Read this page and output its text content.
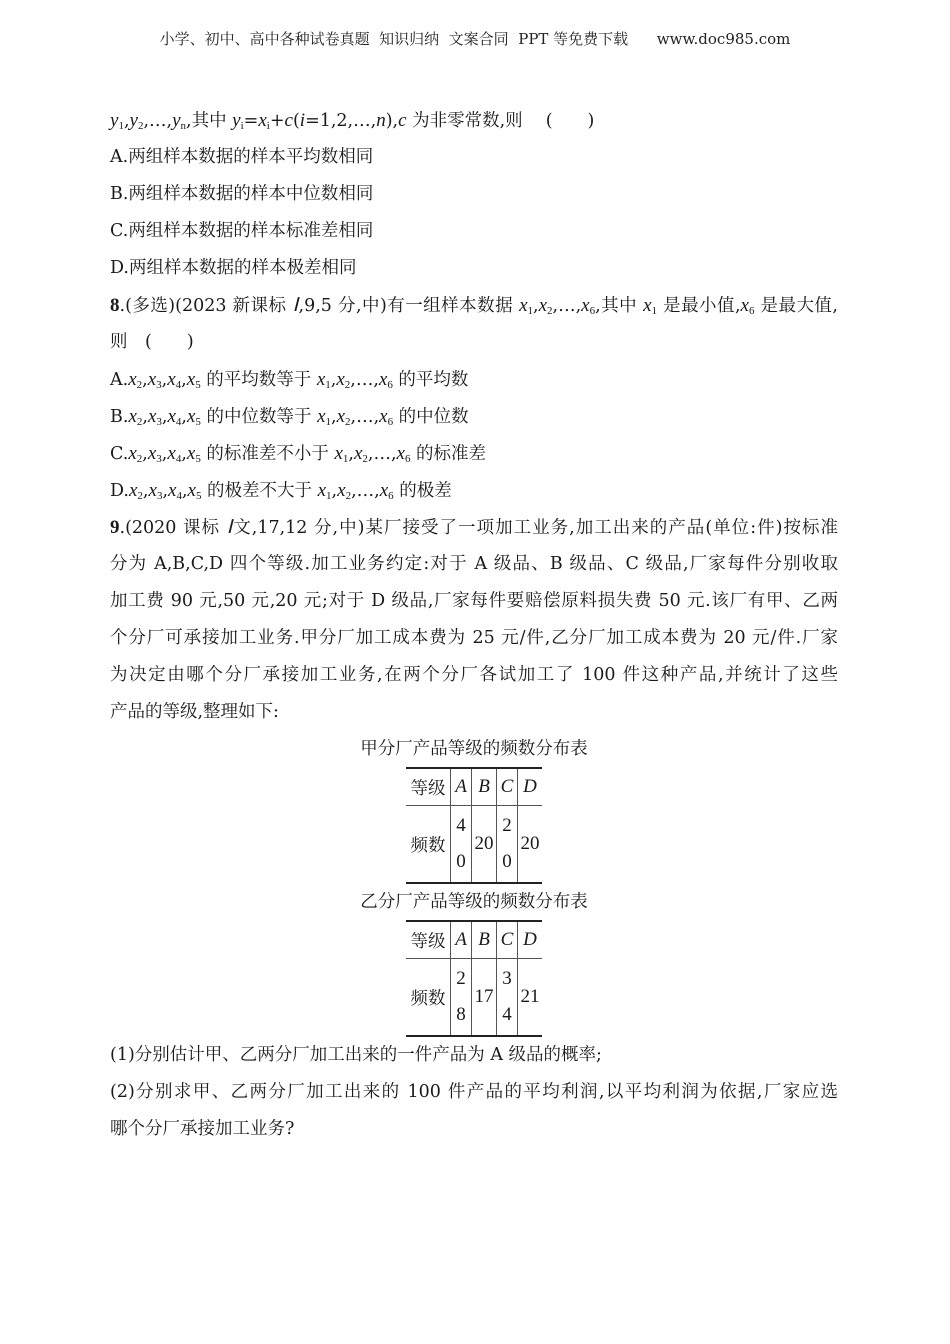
小学、初中、高中各种试卷真题  知识归纳  文案合同  PPT 等免费下载      www.doc985.com
$y_1,y_2,\dots,y_n$,其中 $y_i=x_i+c(i=1,2,\dots,n),c$ 为非零常数,则　 (　　)
A.两组样本数据的样本平均数相同
B.两组样本数据的样本中位数相同
C.两组样本数据的样本标准差相同
D.两组样本数据的样本极差相同
8.(多选)(2023 新课标 Ⅰ,9,5 分,中)有一组样本数据 $x_1,x_2,\dots,x_6$,其中 $x_1$ 是最小值$,x_6$ 是最大值,
则　(　　)
$A.x_2,x_3,x_4,x_5$ 的平均数等于 $x_1,x_2,\dots,x_6$ 的平均数
$B.x_2,x_3,x_4,x_5$ 的中位数等于 $x_1,x_2,\dots,x_6$ 的中位数
$C.x_2,x_3,x_4,x_5$ 的标准差不小于 $x_1,x_2,\dots,x_6$ 的标准差
$D.x_2,x_3,x_4,x_5$ 的极差不大于 $x_1,x_2,\dots,x_6$ 的极差
9.(2020 课标 Ⅰ文,17,12 分,中)某厂接受了一项加工业务,加工出来的产品(单位:件)按标准
分为 A,B,C,D 四个等级.加工业务约定:对于 A 级品、B 级品、C 级品,厂家每件分别收取
加工费 90 元,50 元,20 元;对于 D 级品,厂家每件要赔偿原料损失费 50 元.该厂有甲、乙两
个分厂可承接加工业务.甲分厂加工成本费为 25 元/件,乙分厂加工成本费为 20 元/件.厂家
为决定由哪个分厂承接加工业务,在两个分厂各试加工了 100 件这种产品,并统计了这些
产品的等级,整理如下:
甲分厂产品等级的频数分布表
等级	A	B	C	D
频数	40	20	20	20
乙分厂产品等级的频数分布表
等级	A	B	C	D
频数	28	17	34	21
(1)分别估计甲、乙两分厂加工出来的一件产品为 A 级品的概率;
(2)分别求甲、乙两分厂加工出来的 100 件产品的平均利润,以平均利润为依据,厂家应选
哪个分厂承接加工业务?
